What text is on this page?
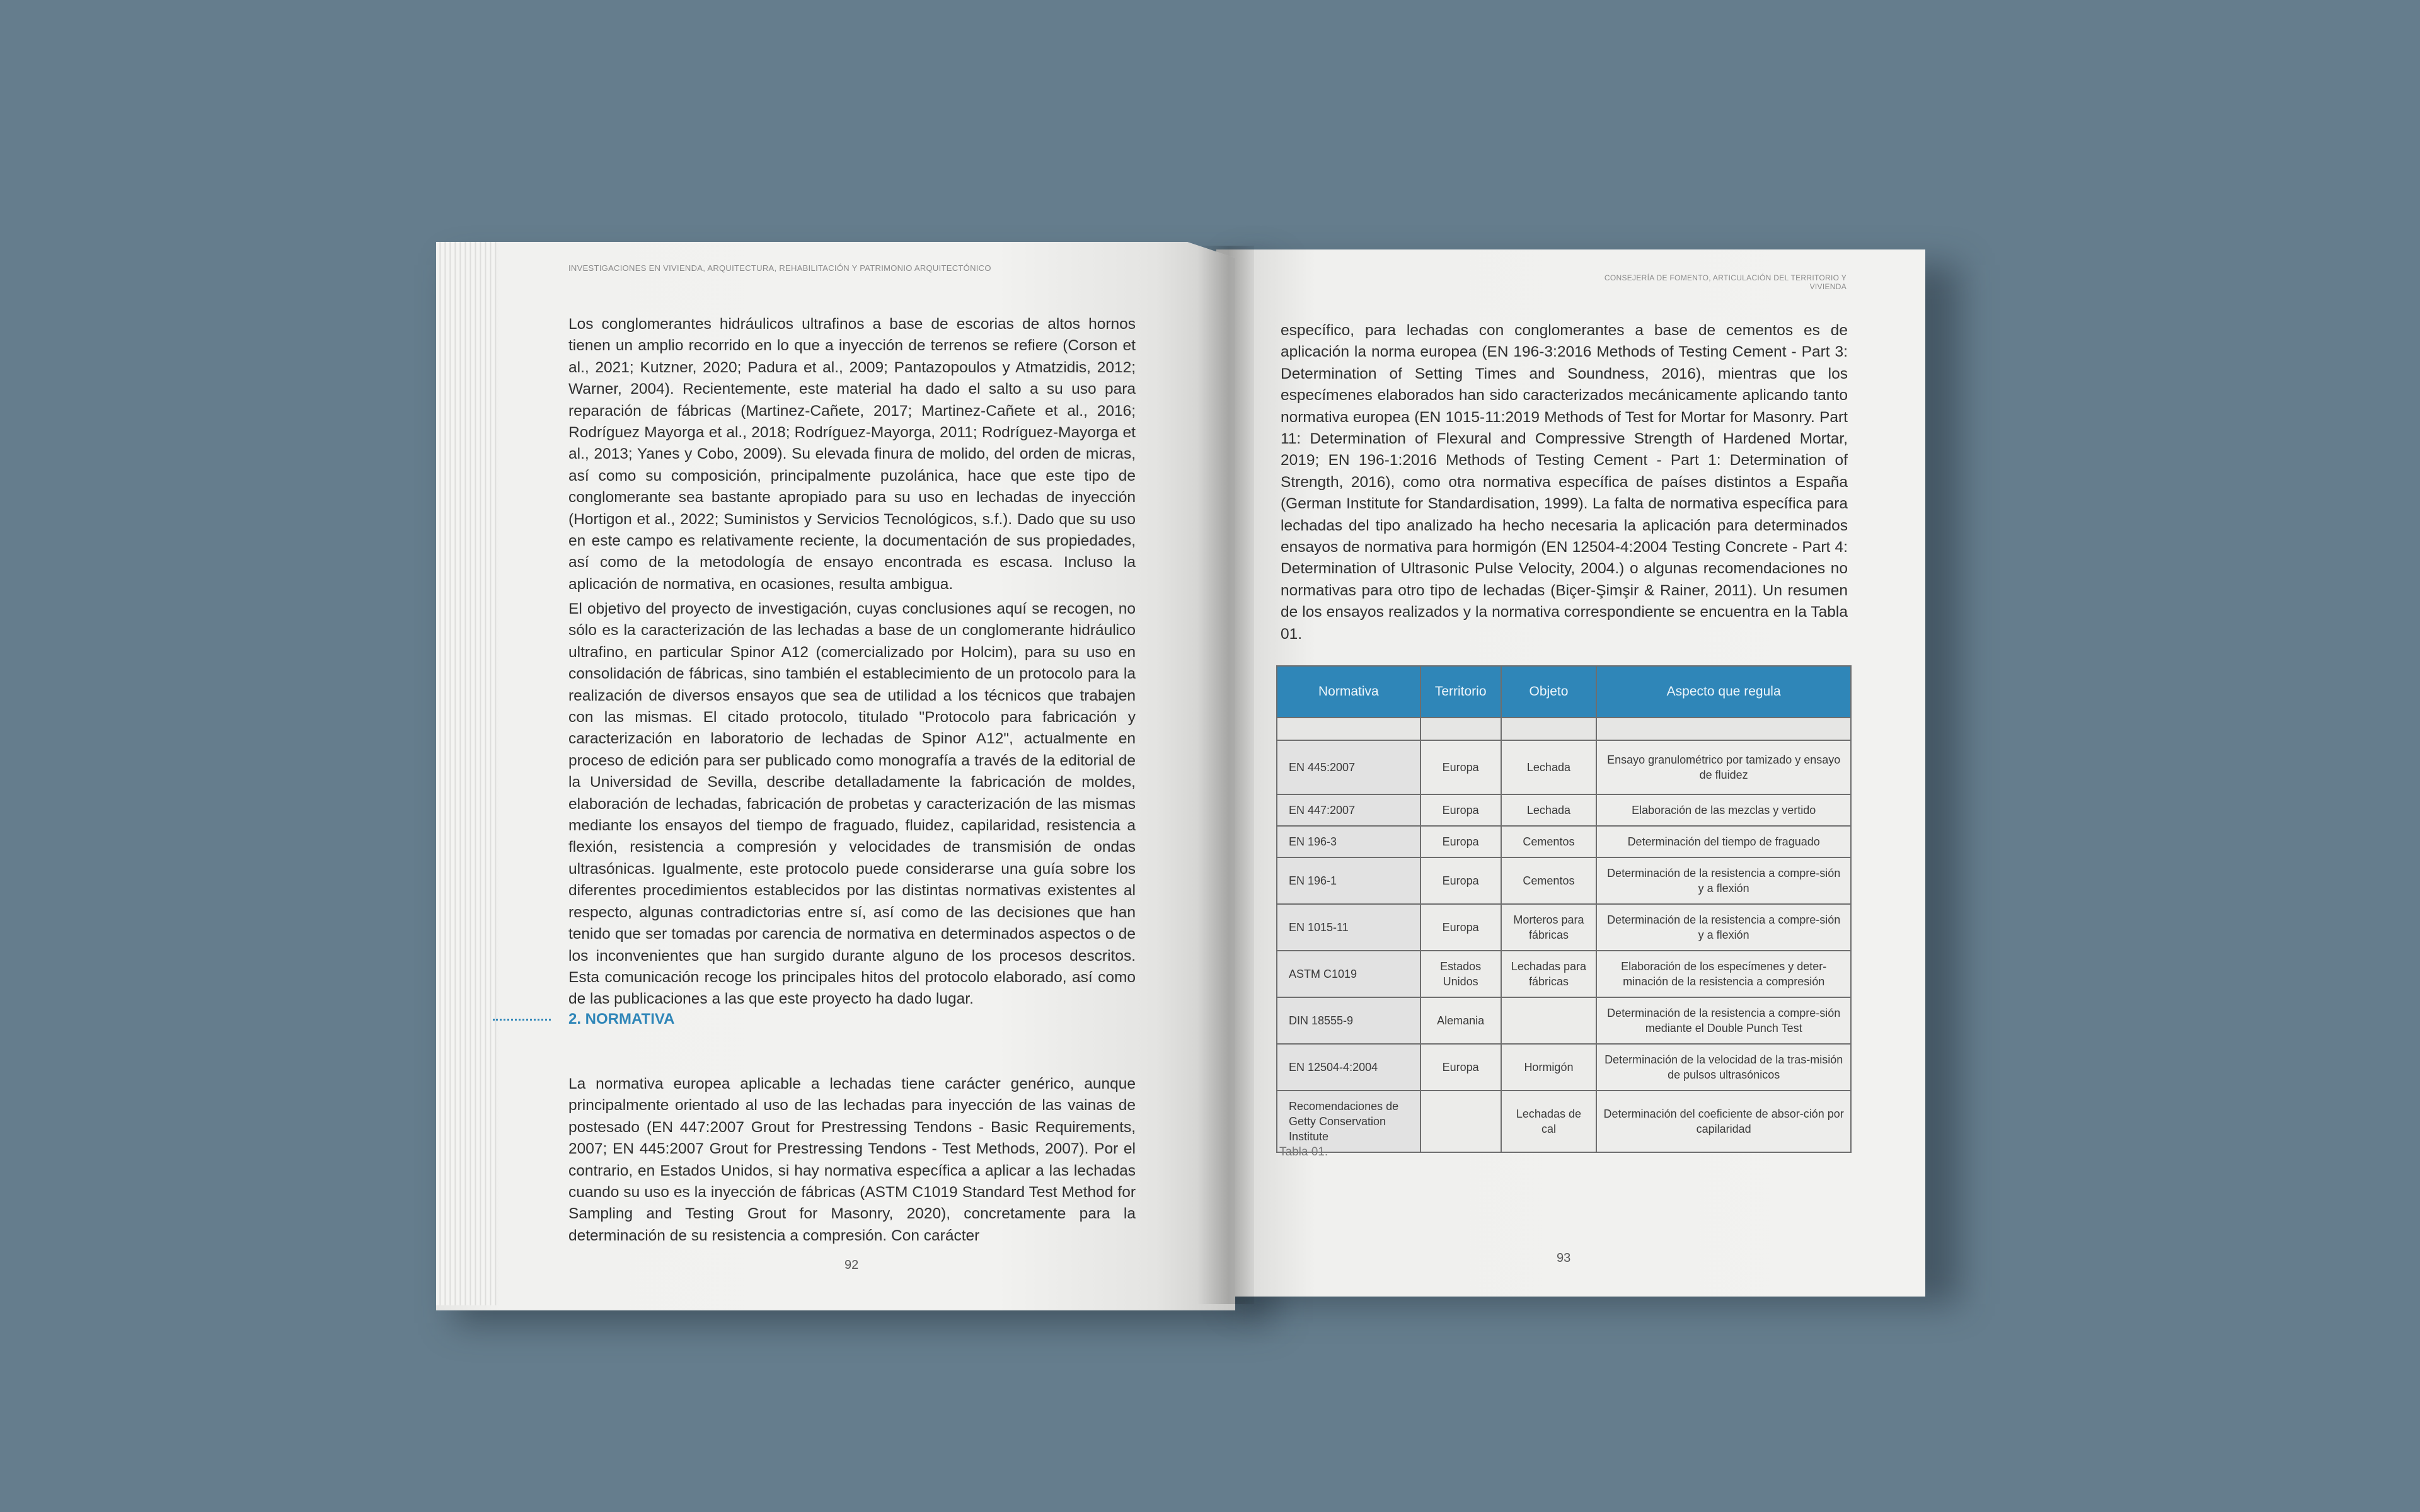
INVESTIGACIONES EN VIVIENDA, ARQUITECTURA, REHABILITACIÓN Y PATRIMONIO ARQUITECTÓNICO

Los conglomerantes hidráulicos ultrafinos a base de escorias de altos hornos tienen un amplio recorrido en lo que a inyección de terrenos se refiere (Corson et al., 2021; Kutzner, 2020; Padura et al., 2009; Pantazopoulos y Atmatzidis, 2012; Warner, 2004). Recientemente, este material ha dado el salto a su uso para reparación de fábricas (Martinez-Cañete, 2017; Martinez-Cañete et al., 2016; Rodríguez Mayorga et al., 2018; Rodríguez-Mayorga, 2011; Rodríguez-Mayorga et al., 2013; Yanes y Cobo, 2009). Su elevada finura de molido, del orden de micras, así como su composición, principalmente puzolánica, hace que este tipo de conglomerante sea bastante apropiado para su uso en lechadas de inyección (Hortigon et al., 2022; Suministos y Servicios Tecnológicos, s.f.). Dado que su uso en este campo es relativamente reciente, la documentación de sus propiedades, así como de la metodología de ensayo encontrada es escasa. Incluso la aplicación de normativa, en ocasiones, resulta ambigua.

El objetivo del proyecto de investigación, cuyas conclusiones aquí se recogen, no sólo es la caracterización de las lechadas a base de un conglomerante hidráulico ultrafino, en particular Spinor A12 (comercializado por Holcim), para su uso en consolidación de fábricas, sino también el establecimiento de un protocolo para la realización de diversos ensayos que sea de utilidad a los técnicos que trabajen con las mismas. El citado protocolo, titulado "Protocolo para fabricación y caracterización en laboratorio de lechadas de Spinor A12", actualmente en proceso de edición para ser publicado como monografía a través de la editorial de la Universidad de Sevilla, describe detalladamente la fabricación de moldes, elaboración de lechadas, fabricación de probetas y caracterización de las mismas mediante los ensayos del tiempo de fraguado, fluidez, capilaridad, resistencia a flexión, resistencia a compresión y velocidades de transmisión de ondas ultrasónicas. Igualmente, este protocolo puede considerarse una guía sobre los diferentes procedimientos establecidos por las distintas normativas existentes al respecto, algunas contradictorias entre sí, así como de las decisiones que han tenido que ser tomadas por carencia de normativa en determinados aspectos o de los inconvenientes que han surgido durante alguno de los procesos descritos. Esta comunicación recoge los principales hitos del protocolo elaborado, así como de las publicaciones a las que este proyecto ha dado lugar.

2. NORMATIVA

La normativa europea aplicable a lechadas tiene carácter genérico, aunque principalmente orientado al uso de las lechadas para inyección de las vainas de postesado (EN 447:2007 Grout for Prestressing Tendons - Basic Requirements, 2007; EN 445:2007 Grout for Prestressing Tendons - Test Methods, 2007). Por el contrario, en Estados Unidos, si hay normativa específica a aplicar a las lechadas cuando su uso es la inyección de fábricas (ASTM C1019 Standard Test Method for Sampling and Testing Grout for Masonry, 2020), concretamente para la determinación de su resistencia a compresión. Con carácter

92
CONSEJERÍA DE FOMENTO, ARTICULACIÓN DEL TERRITORIO Y VIVIENDA

específico, para lechadas con conglomerantes a base de cementos es de aplicación la norma europea (EN 196-3:2016 Methods of Testing Cement - Part 3: Determination of Setting Times and Soundness, 2016), mientras que los especímenes elaborados han sido caracterizados mecánicamente aplicando tanto normativa europea (EN 1015-11:2019 Methods of Test for Mortar for Masonry. Part 11: Determination of Flexural and Compressive Strength of Hardened Mortar, 2019; EN 196-1:2016 Methods of Testing Cement - Part 1: Determination of Strength, 2016), como otra normativa específica de países distintos a España (German Institute for Standardisation, 1999). La falta de normativa específica para lechadas del tipo analizado ha hecho necesaria la aplicación para determinados ensayos de normativa para hormigón (EN 12504-4:2004 Testing Concrete - Part 4: Determination of Ultrasonic Pulse Velocity, 2004.) o algunas recomendaciones no normativas para otro tipo de lechadas (Biçer-Şimşir & Rainer, 2011). Un resumen de los ensayos realizados y la normativa correspondiente se encuentra en la Tabla 01.

Normativa	Territorio	Objeto	Aspecto que regula

EN 445:2007	Europa	Lechada	Ensayo granulométrico por tamizado y ensayo de fluidez
EN 447:2007	Europa	Lechada	Elaboración de las mezclas y vertido
EN 196-3	Europa	Cementos	Determinación del tiempo de fraguado
EN 196-1	Europa	Cementos	Determinación de la resistencia a compre-sión y a flexión
EN 1015-11	Europa	Morteros para fábricas	Determinación de la resistencia a compre-sión y a flexión
ASTM C1019	Estados Unidos	Lechadas para fábricas	Elaboración de los especímenes y deter-minación de la resistencia a compresión
DIN 18555-9	Alemania		Determinación de la resistencia a compre-sión mediante el Double Punch Test
EN 12504-4:2004	Europa	Hormigón	Determinación de la velocidad de la tras-misión de pulsos ultrasónicos
Recomendaciones de Getty Conservation Institute		Lechadas de cal	Determinación del coeficiente de absor-ción por capilaridad
Tabla 01.
93
